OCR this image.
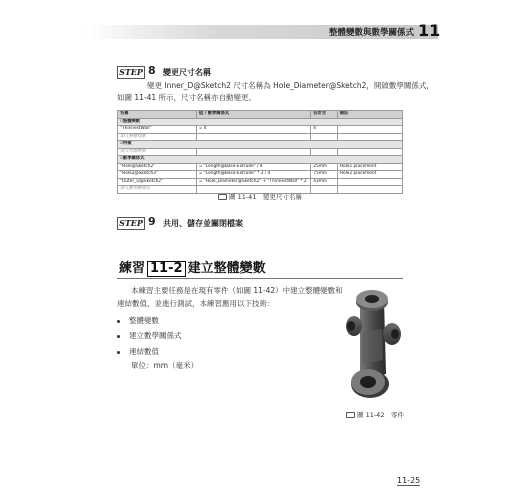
整體變數與數學關係式 11
STEP 8 變更尺寸名稱
變更 Inner_D@Sketch2 尺寸名稱為 Hole_Diameter@Sketch2，開啟數學關係式，
如圖 11-41 所示，尺寸名稱亦自動變更。
名稱	值 / 數學關係式	估計至	備註
▫整體變數			
"ThinnestWall"	= 4	4	
加入整體變數			
▫特徵			
加入特徵壓制			
▫數學關係式			
"Hole@Sketch2"	= "Length@Base-Extrude" / 4	25mm	Hole1 placement
"Hole2@Sketch3"	= "Length@Base-Extrude" * 3 / 4	75mm	Hole2 placement
"Outer_D@Sketch2"	= "Hole_Diameter@Sketch2" + "ThinnestWall" * 2	43mm	
加入數學關係式			
圖 11-41　變更尺寸名稱
STEP 9 共用、儲存並關閉檔案
練習 11-2 建立整體變數
本練習主要任務是在現有零件（如圖 11-42）中建立整體變數和
連結數值，並進行測試，本練習應用以下技術：
整體變數
建立數學關係式
連結數值
單位：mm（毫米）
圖 11-42　零件
11-25
